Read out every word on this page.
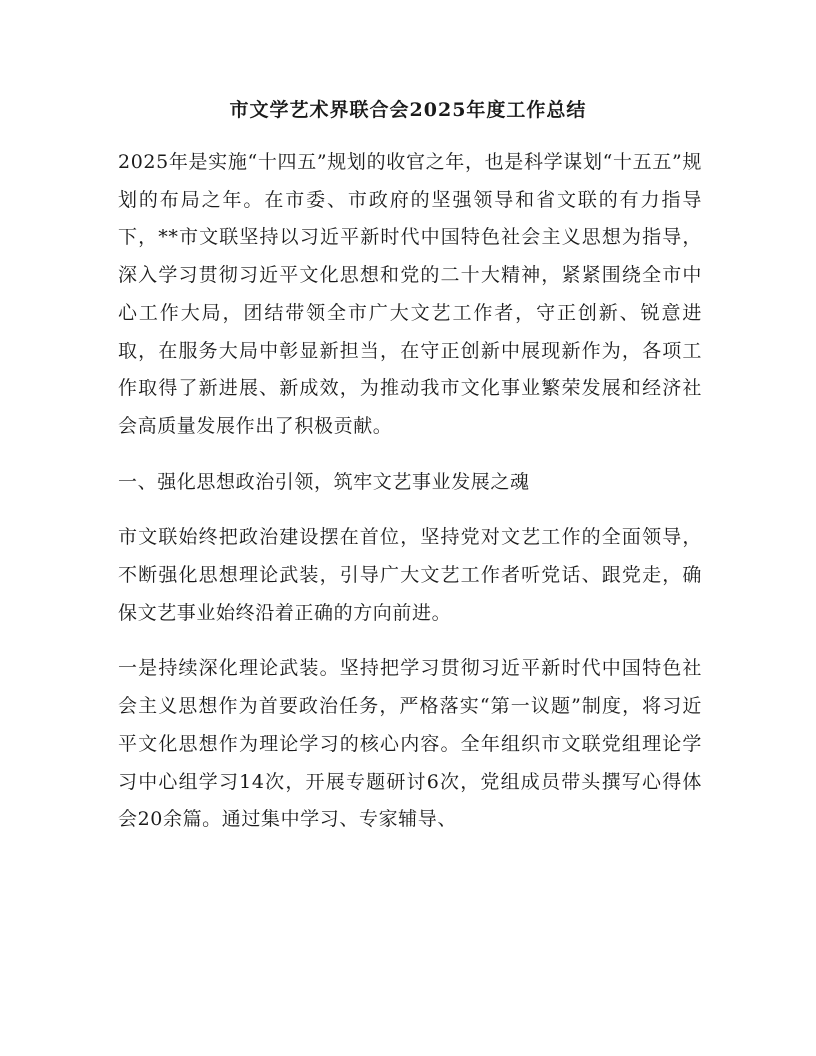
市文学艺术界联合会2025年度工作总结

2025年是实施“十四五”规划的收官之年，也是科学谋划“十五五”规划的布局之年。在市委、市政府的坚强领导和省文联的有力指导下，**市文联坚持以习近平新时代中国特色社会主义思想为指导，深入学习贯彻习近平文化思想和党的二十大精神，紧紧围绕全市中心工作大局，团结带领全市广大文艺工作者，守正创新、锐意进取，在服务大局中彰显新担当，在守正创新中展现新作为，各项工作取得了新进展、新成效，为推动我市文化事业繁荣发展和经济社会高质量发展作出了积极贡献。

一、强化思想政治引领，筑牢文艺事业发展之魂

市文联始终把政治建设摆在首位，坚持党对文艺工作的全面领导，不断强化思想理论武装，引导广大文艺工作者听党话、跟党走，确保文艺事业始终沿着正确的方向前进。

一是持续深化理论武装。坚持把学习贯彻习近平新时代中国特色社会主义思想作为首要政治任务，严格落实“第一议题”制度，将习近平文化思想作为理论学习的核心内容。全年组织市文联党组理论学习中心组学习14次，开展专题研讨6次，党组成员带头撰写心得体会20余篇。通过集中学习、专家辅导、
